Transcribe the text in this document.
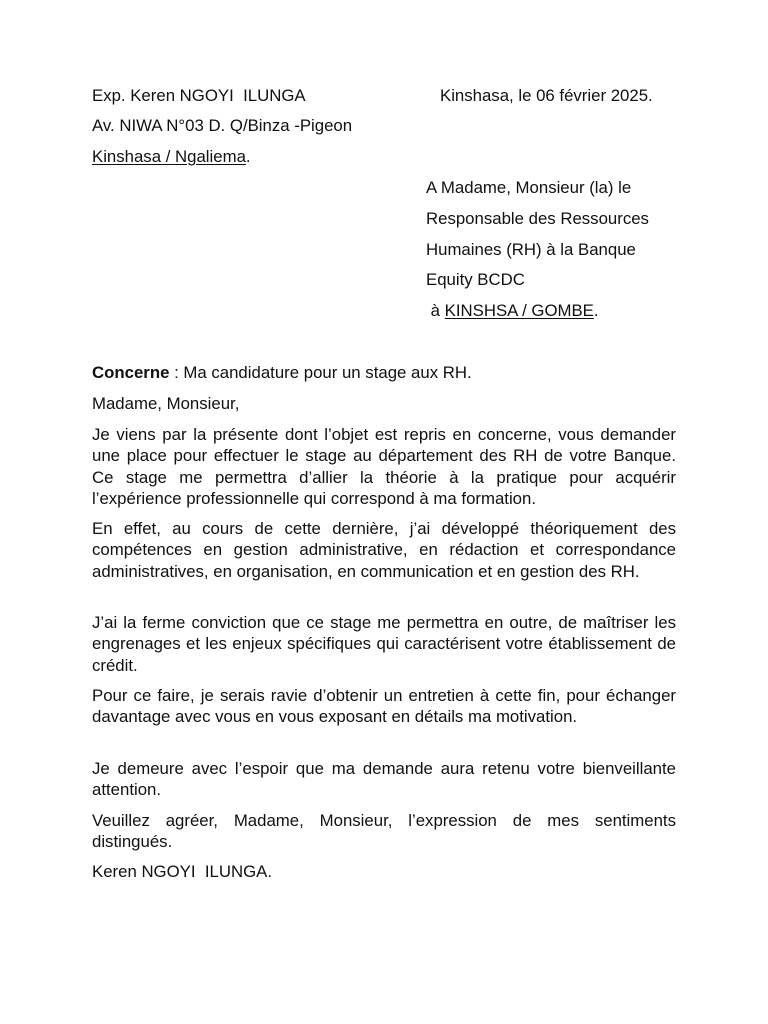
Exp. Keren NGOYI  ILUNGA
Av. NIWA N°03 D. Q/Binza -Pigeon
Kinshasa / Ngaliema.
Kinshasa, le 06 février 2025.
A Madame, Monsieur (la) le
Responsable des Ressources
Humaines (RH) à la Banque
Equity BCDC
à KINSHSA / GOMBE.
Concerne : Ma candidature pour un stage aux RH.
Madame, Monsieur,
Je viens par la présente dont l’objet est repris en concerne, vous demander une place pour effectuer le stage au département des RH de votre Banque. Ce stage me permettra d’allier la théorie à la pratique pour acquérir l’expérience professionnelle qui correspond à ma formation.
En effet, au cours de cette dernière, j’ai développé théoriquement des compétences en gestion administrative, en rédaction et correspondance administratives, en organisation, en communication et en gestion des RH.
J’ai la ferme conviction que ce stage me permettra en outre, de maîtriser les engrenages et les enjeux spécifiques qui caractérisent votre établissement de crédit.
Pour ce faire, je serais ravie d’obtenir un entretien à cette fin, pour échanger davantage avec vous en vous exposant en détails ma motivation.
Je demeure avec l’espoir que ma demande aura retenu votre bienveillante attention.
Veuillez agréer, Madame, Monsieur, l’expression de mes sentiments distingués.
Keren NGOYI  ILUNGA.
